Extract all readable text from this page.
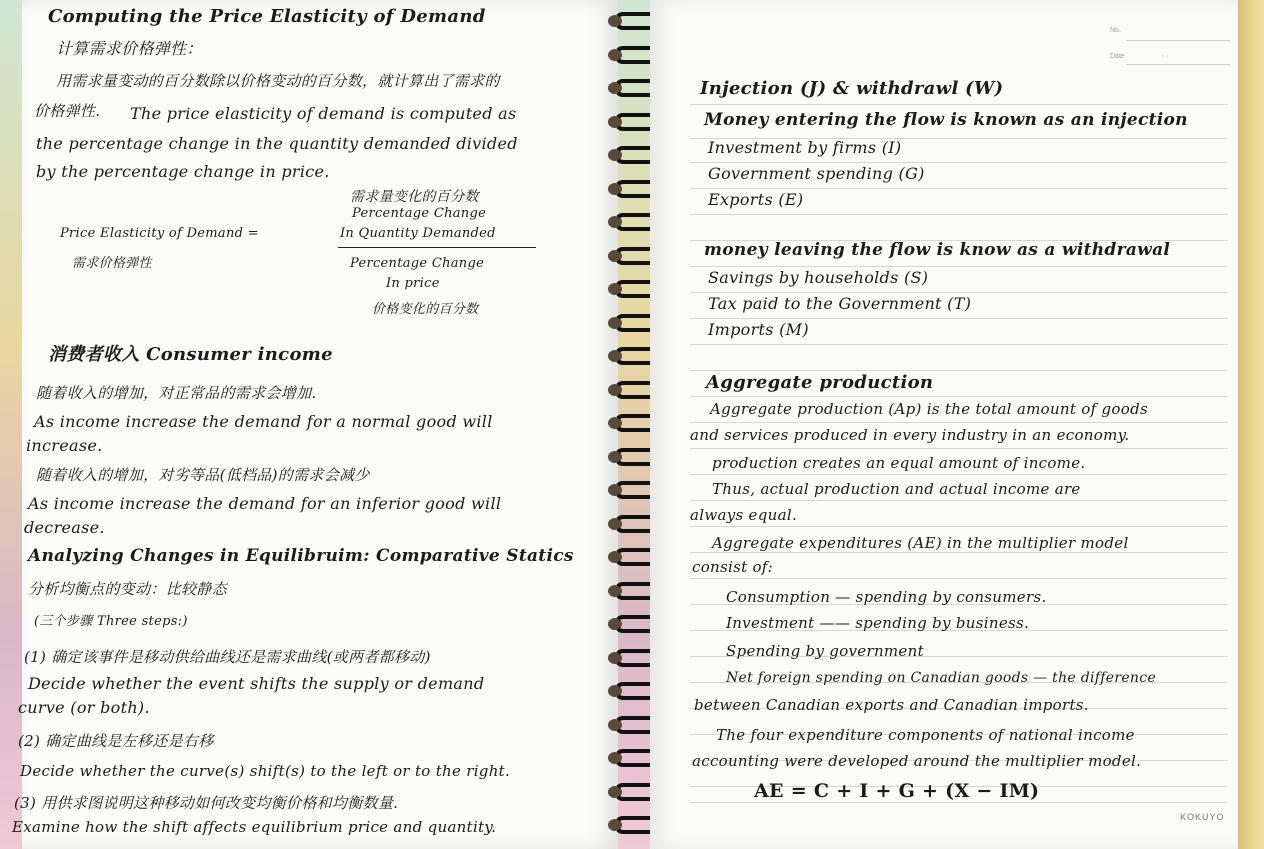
Computing the Price Elasticity of Demand
计算需求价格弹性：
用需求量变动的百分数除以价格变动的百分数，就计算出了需求的
价格弹性. The price elasticity of demand is computed as
the percentage change in the quantity demanded divided
by the percentage change in price.
需求量变化的百分数
Percentage Change
In Quantity Demanded
Price Elasticity of Demand =
需求价格弹性	Percentage Change
In price
价格变化的百分数
消费者收入 Consumer income
随着收入的增加，对正常品的需求会增加.
As income increase the demand for a normal good will
increase.
随着收入的增加，对劣等品(低档品)的需求会减少
As income increase the demand for an inferior good will
decrease.
Analyzing Changes in Equilibruim: Comparative Statics
分析均衡点的变动：比较静态
(三个步骤 Three steps:)
(1) 确定该事件是移动供给曲线还是需求曲线(或两者都移动)
Decide whether the event shifts the supply or demand
curve (or both).
(2) 确定曲线是左移还是右移
Decide whether the curve(s) shift(s) to the left or to the right.
(3) 用供求图说明这种移动如何改变均衡价格和均衡数量.
Examine how the shift affects equilibrium price and quantity.
No.
Date	· ·
Injection (J) & withdrawl (W)
Money entering the flow is known as an injection
Investment by firms (I)
Government spending (G)
Exports (E)
money leaving the flow is know as a withdrawal
Savings by households (S)
Tax paid to the Government (T)
Imports (M)
Aggregate production
Aggregate production (Ap) is the total amount of goods
and services produced in every industry in an economy.
production creates an equal amount of income.
Thus, actual production and actual income are
always equal.
Aggregate expenditures (AE) in the multiplier model
consist of:
Consumption — spending by consumers.
Investment —— spending by business.
Spending by government
Net foreign spending on Canadian goods — the difference
between Canadian exports and Canadian imports.
The four expenditure components of national income
accounting were developed around the multiplier model.
AE = C + I + G + (X − IM)
KOKUYO
